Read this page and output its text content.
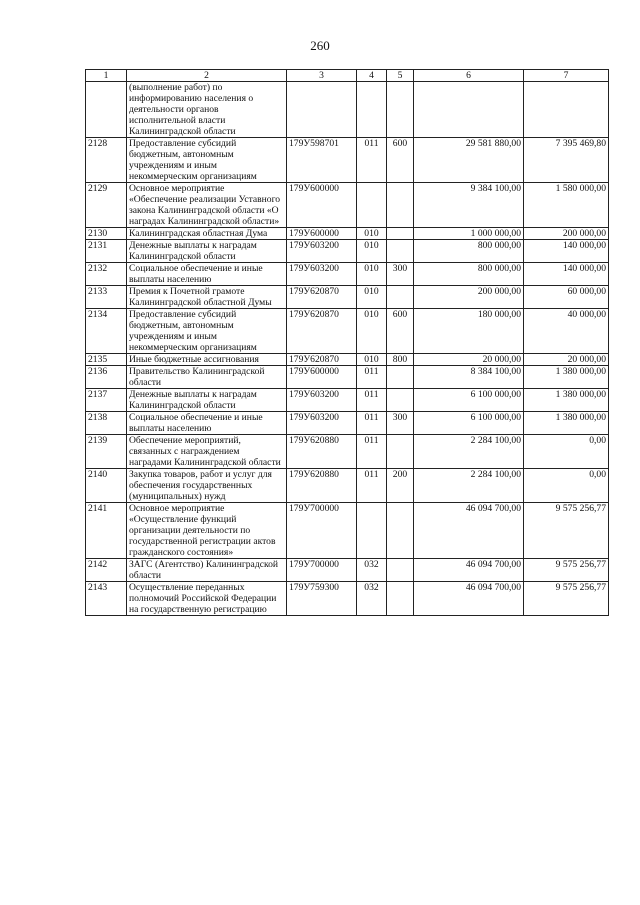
260
1	2	3	4	5	6	7
	(выполнение работ) по информированию населения о деятельности органов исполнительной власти Калининградской области					
2128	Предоставление субсидий бюджетным, автономным учреждениям и иным некоммерческим организациям	179У598701	011	600	29 581 880,00	7 395 469,80
2129	Основное мероприятие «Обеспечение реализации Уставного закона Калининградской области «О наградах Калининградской области»	179У600000			9 384 100,00	1 580 000,00
2130	Калининградская областная Дума	179У600000	010		1 000 000,00	200 000,00
2131	Денежные выплаты к наградам Калининградской области	179У603200	010		800 000,00	140 000,00
2132	Социальное обеспечение и иные выплаты населению	179У603200	010	300	800 000,00	140 000,00
2133	Премия к Почетной грамоте Калининградской областной Думы	179У620870	010		200 000,00	60 000,00
2134	Предоставление субсидий бюджетным, автономным учреждениям и иным некоммерческим организациям	179У620870	010	600	180 000,00	40 000,00
2135	Иные бюджетные ассигнования	179У620870	010	800	20 000,00	20 000,00
2136	Правительство Калининградской области	179У600000	011		8 384 100,00	1 380 000,00
2137	Денежные выплаты к наградам Калининградской области	179У603200	011		6 100 000,00	1 380 000,00
2138	Социальное обеспечение и иные выплаты населению	179У603200	011	300	6 100 000,00	1 380 000,00
2139	Обеспечение мероприятий, связанных с награждением наградами Калининградской области	179У620880	011		2 284 100,00	0,00
2140	Закупка товаров, работ и услуг для обеспечения государственных (муниципальных) нужд	179У620880	011	200	2 284 100,00	0,00
2141	Основное мероприятие «Осуществление функций организации деятельности по государственной регистрации актов гражданского состояния»	179У700000			46 094 700,00	9 575 256,77
2142	ЗАГС (Агентство) Калининградской области	179У700000	032		46 094 700,00	9 575 256,77
2143	Осуществление переданных полномочий Российской Федерации на государственную регистрацию	179У759300	032		46 094 700,00	9 575 256,77
